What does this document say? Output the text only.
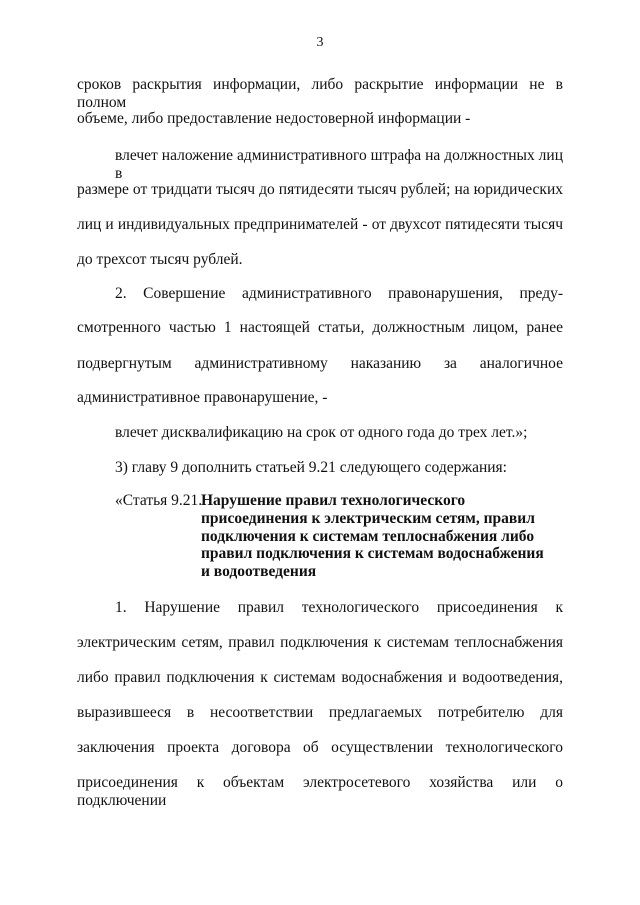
3
сроков раскрытия информации, либо раскрытие информации не в полном
объеме, либо предоставление недостоверной информации -
влечет наложение административного штрафа на должностных лиц в
размере от тридцати тысяч до пятидесяти тысяч рублей; на юридических
лиц и индивидуальных предпринимателей - от двухсот пятидесяти тысяч
до трехсот тысяч рублей.
2. Совершение административного правонарушения, преду-
смотренного частью 1 настоящей статьи, должностным лицом, ранее
подвергнутым административному наказанию за аналогичное
административное правонарушение, -
влечет дисквалификацию на срок от одного года до трех лет.»;
3) главу 9 дополнить статьей 9.21 следующего содержания:
«Статья 9.21.
Нарушение правил технологического
присоединения к электрическим сетям, правил
подключения к системам теплоснабжения либо
правил подключения к системам водоснабжения
и водоотведения
1. Нарушение правил технологического присоединения к
электрическим сетям, правил подключения к системам теплоснабжения
либо правил подключения к системам водоснабжения и водоотведения,
выразившееся в несоответствии предлагаемых потребителю для
заключения проекта договора об осуществлении технологического
присоединения к объектам электросетевого хозяйства или о подключении
